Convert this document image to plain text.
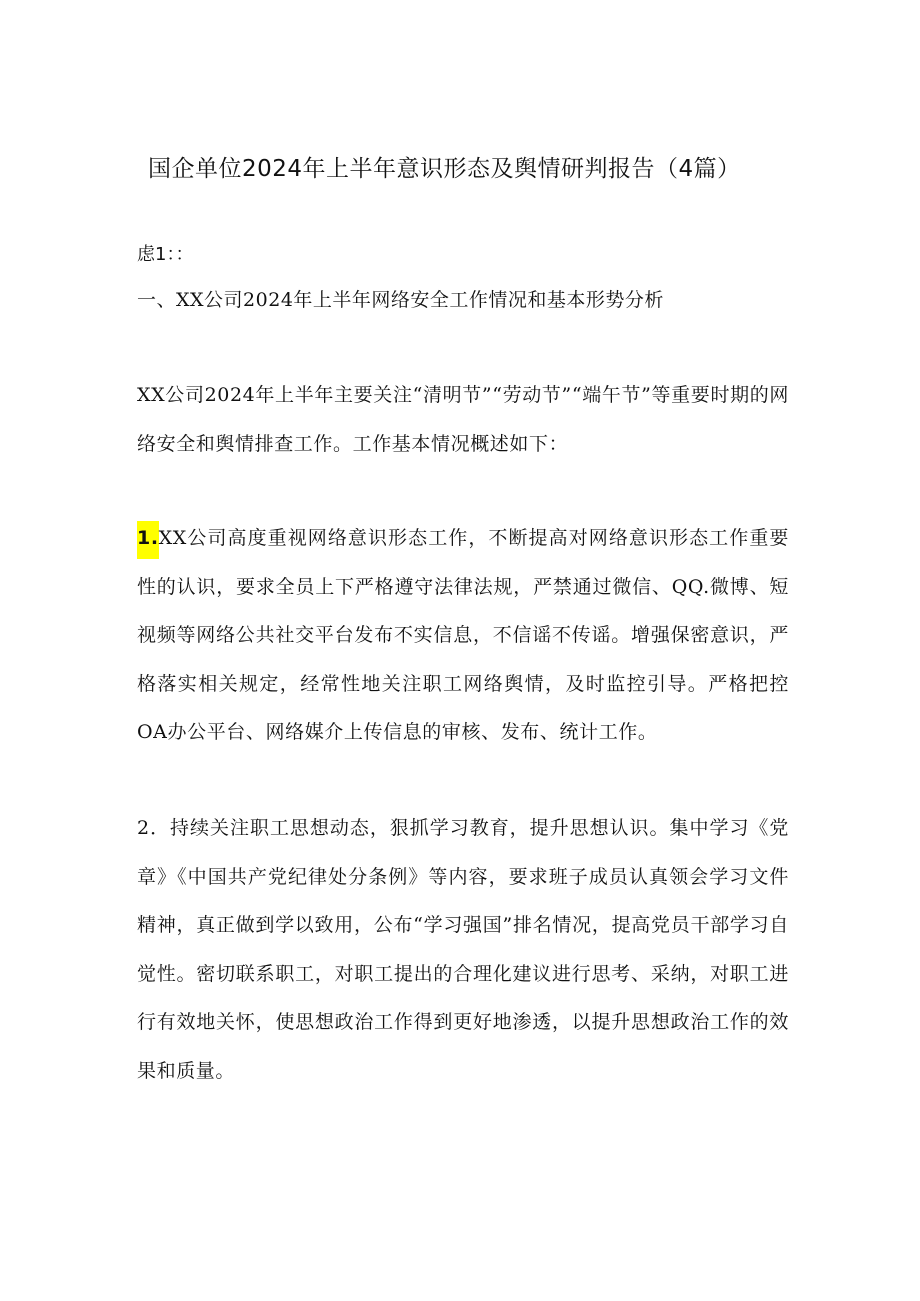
国企单位2024年上半年意识形态及舆情研判报告（4篇）
虑1：：
一、XX公司2024年上半年网络安全工作情况和基本形势分析
XX公司2024年上半年主要关注“清明节”“劳动节”“端午节”等重要时期的网络安全和舆情排查工作。工作基本情况概述如下：
1.XX公司高度重视网络意识形态工作，不断提高对网络意识形态工作重要性的认识，要求全员上下严格遵守法律法规，严禁通过微信、QQ.微博、短视频等网络公共社交平台发布不实信息，不信谣不传谣。增强保密意识，严格落实相关规定，经常性地关注职工网络舆情，及时监控引导。严格把控OA办公平台、网络媒介上传信息的审核、发布、统计工作。
2．持续关注职工思想动态，狠抓学习教育，提升思想认识。集中学习《党章》《中国共产党纪律处分条例》等内容，要求班子成员认真领会学习文件精神，真正做到学以致用，公布“学习强国”排名情况，提高党员干部学习自觉性。密切联系职工，对职工提出的合理化建议进行思考、采纳，对职工进行有效地关怀，使思想政治工作得到更好地渗透，以提升思想政治工作的效果和质量。
